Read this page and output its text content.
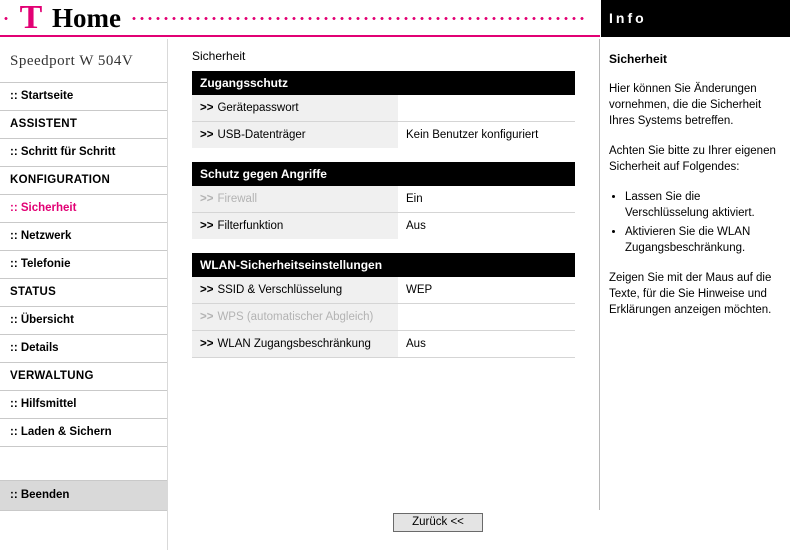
T Home
Speedport W 504V
:: Startseite
ASSISTENT
:: Schritt für Schritt
KONFIGURATION
:: Sicherheit
:: Netzwerk
:: Telefonie
STATUS
:: Übersicht
:: Details
VERWALTUNG
:: Hilfsmittel
:: Laden & Sichern
:: Beenden
Sicherheit
Zugangsschutz
>> Gerätepasswort
>> USB-Datenträger	Kein Benutzer konfiguriert
Schutz gegen Angriffe
>> Firewall	Ein
>> Filterfunktion	Aus
WLAN-Sicherheitseinstellungen
>> SSID & Verschlüsselung	WEP
>> WPS (automatischer Abgleich)
>> WLAN Zugangsbeschränkung	Aus
Zurück <<
Info
Sicherheit

Hier können Sie Änderungen vornehmen, die die Sicherheit Ihres Systems betreffen.

Achten Sie bitte zu Ihrer eigenen Sicherheit auf Folgendes:

• Lassen Sie die Verschlüsselung aktiviert.
• Aktivieren Sie die WLAN Zugangsbeschränkung.

Zeigen Sie mit der Maus auf die Texte, für die Sie Hinweise und Erklärungen anzeigen möchten.
